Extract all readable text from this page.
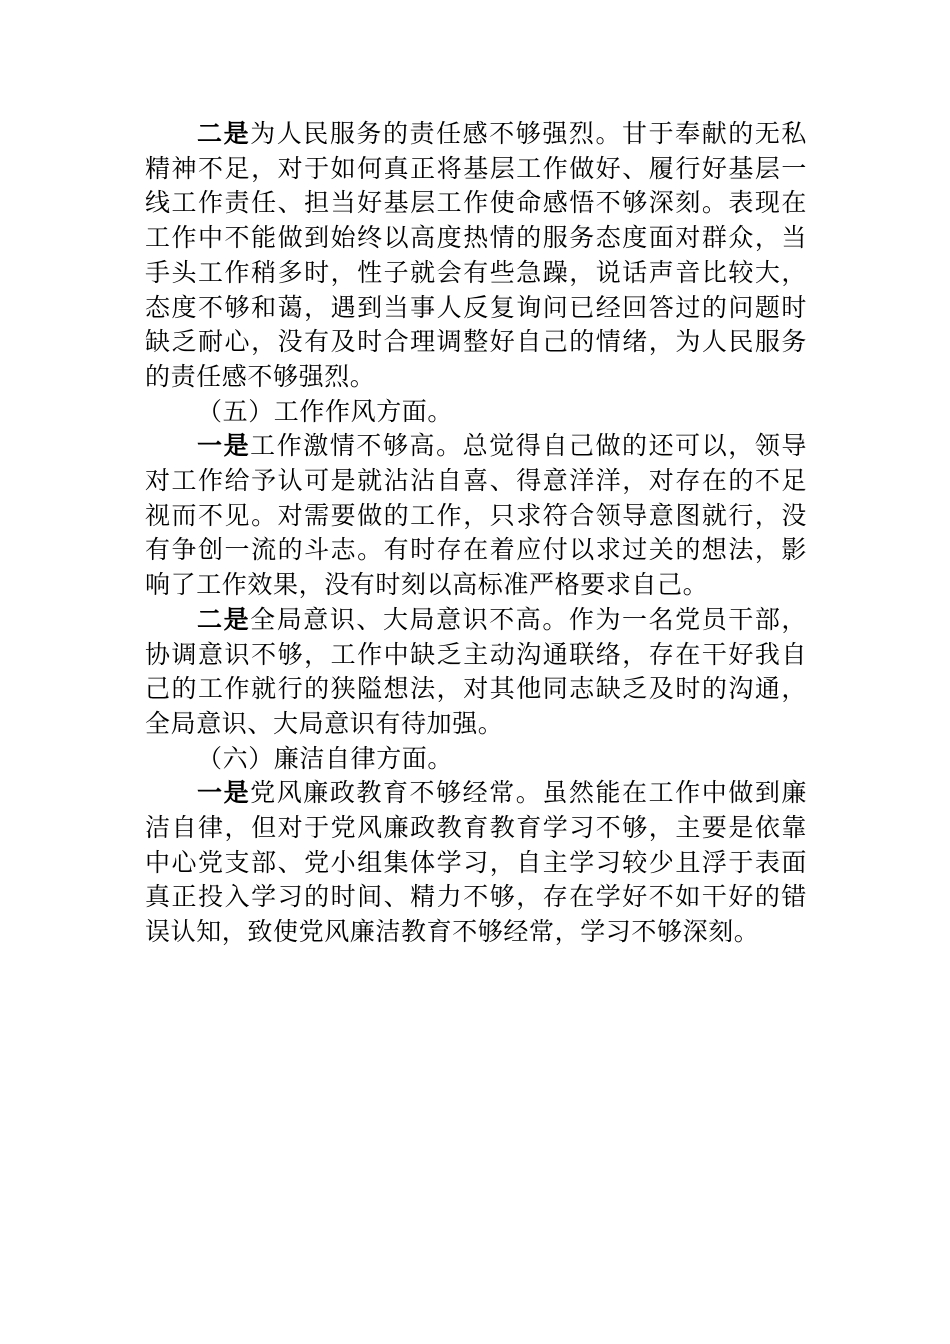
二是为人民服务的责任感不够强烈。甘于奉献的无私精神不足，对于如何真正将基层工作做好、履行好基层一线工作责任、担当好基层工作使命感悟不够深刻。表现在工作中不能做到始终以高度热情的服务态度面对群众，当手头工作稍多时，性子就会有些急躁，说话声音比较大，态度不够和蔼，遇到当事人反复询问已经回答过的问题时缺乏耐心，没有及时合理调整好自己的情绪，为人民服务的责任感不够强烈。

（五）工作作风方面。

一是工作激情不够高。总觉得自己做的还可以，领导对工作给予认可是就沾沾自喜、得意洋洋，对存在的不足视而不见。对需要做的工作，只求符合领导意图就行，没有争创一流的斗志。有时存在着应付以求过关的想法，影响了工作效果，没有时刻以高标准严格要求自己。

二是全局意识、大局意识不高。作为一名党员干部，协调意识不够，工作中缺乏主动沟通联络，存在干好我自己的工作就行的狭隘想法，对其他同志缺乏及时的沟通，全局意识、大局意识有待加强。

（六）廉洁自律方面。

一是党风廉政教育不够经常。虽然能在工作中做到廉洁自律，但对于党风廉政教育教育学习不够，主要是依靠中心党支部、党小组集体学习，自主学习较少且浮于表面真正投入学习的时间、精力不够，存在学好不如干好的错误认知，致使党风廉洁教育不够经常，学习不够深刻。
